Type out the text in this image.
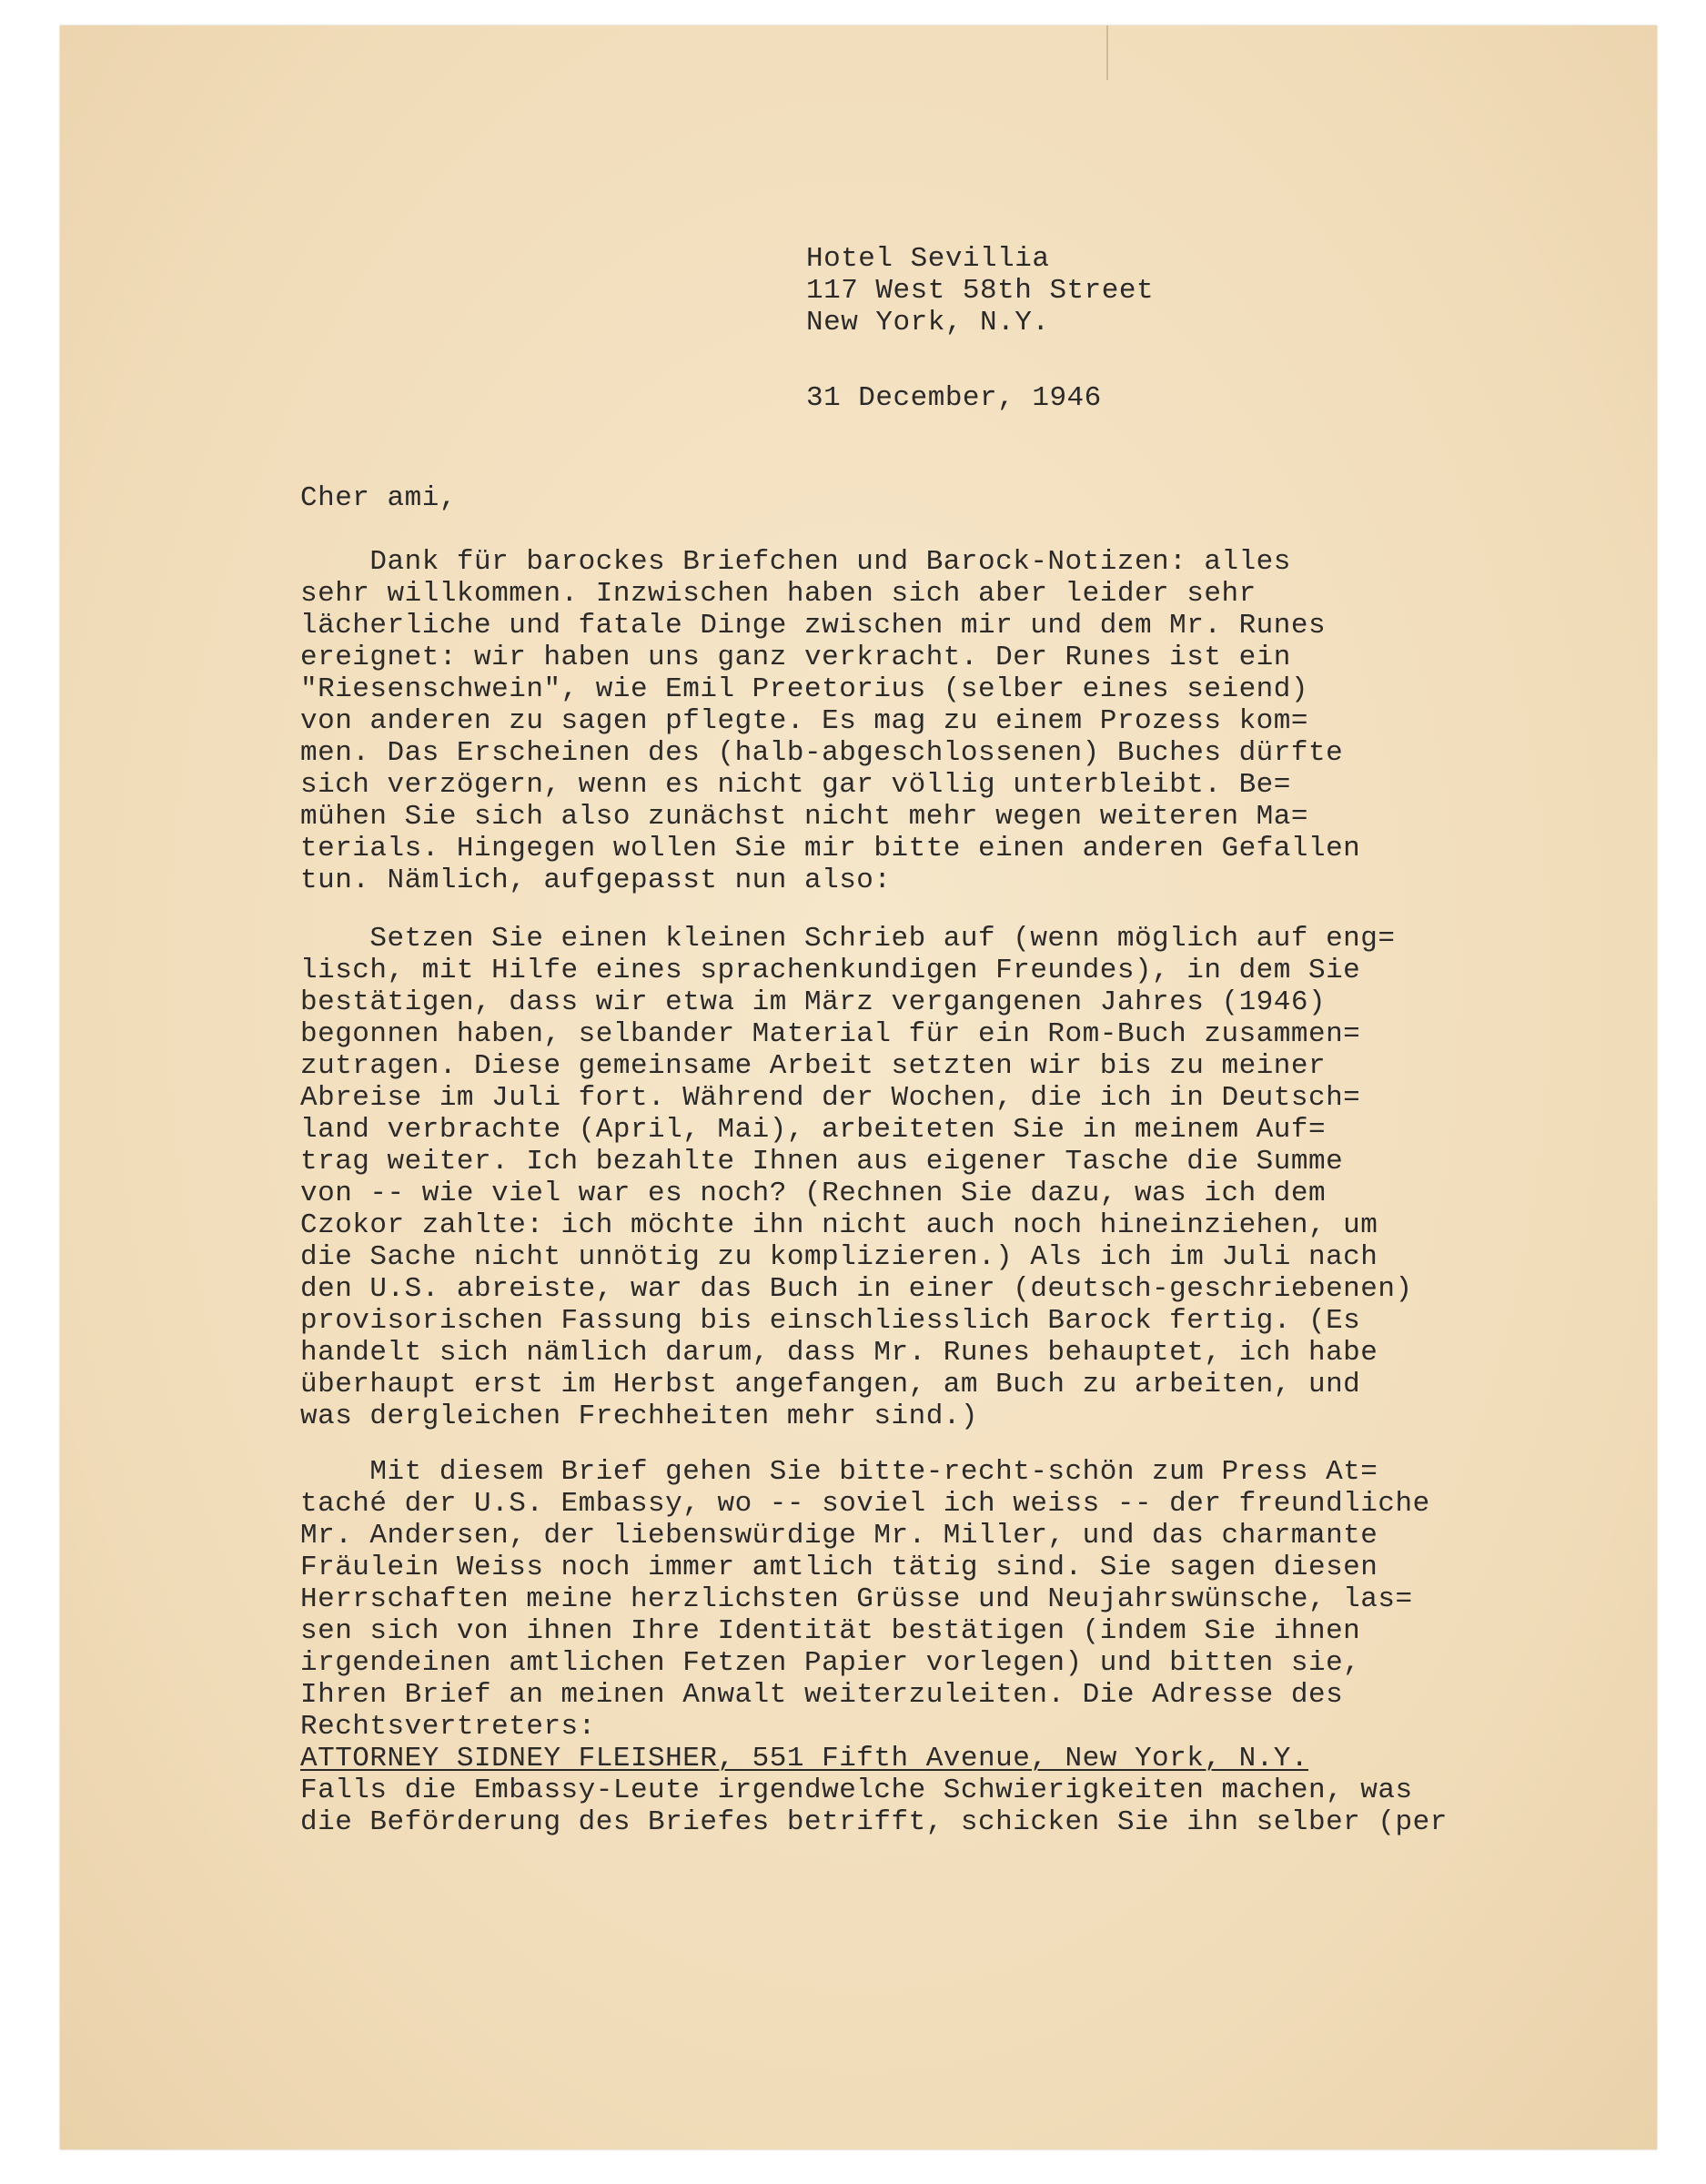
Hotel Sevillia
117 West 58th Street
New York, N.Y.
31 December, 1946
Cher ami,
Dank für barockes Briefchen und Barock-Notizen: alles
sehr willkommen. Inzwischen haben sich aber leider sehr
lächerliche und fatale Dinge zwischen mir und dem Mr. Runes
ereignet: wir haben uns ganz verkracht. Der Runes ist ein
"Riesenschwein", wie Emil Preetorius (selber eines seiend)
von anderen zu sagen pflegte. Es mag zu einem Prozess kom=
men. Das Erscheinen des (halb-abgeschlossenen) Buches dürfte
sich verzögern, wenn es nicht gar völlig unterbleibt. Be=
mühen Sie sich also zunächst nicht mehr wegen weiteren Ma=
terials. Hingegen wollen Sie mir bitte einen anderen Gefallen
tun. Nämlich, aufgepasst nun also:
Setzen Sie einen kleinen Schrieb auf (wenn möglich auf eng=
lisch, mit Hilfe eines sprachenkundigen Freundes), in dem Sie
bestätigen, dass wir etwa im März vergangenen Jahres (1946)
begonnen haben, selbander Material für ein Rom-Buch zusammen=
zutragen. Diese gemeinsame Arbeit setzten wir bis zu meiner
Abreise im Juli fort. Während der Wochen, die ich in Deutsch=
land verbrachte (April, Mai), arbeiteten Sie in meinem Auf=
trag weiter. Ich bezahlte Ihnen aus eigener Tasche die Summe
von -- wie viel war es noch? (Rechnen Sie dazu, was ich dem
Czokor zahlte: ich möchte ihn nicht auch noch hineinziehen, um
die Sache nicht unnötig zu komplizieren.) Als ich im Juli nach
den U.S. abreiste, war das Buch in einer (deutsch-geschriebenen)
provisorischen Fassung bis einschliesslich Barock fertig. (Es
handelt sich nämlich darum, dass Mr. Runes behauptet, ich habe
überhaupt erst im Herbst angefangen, am Buch zu arbeiten, und
was dergleichen Frechheiten mehr sind.)
Mit diesem Brief gehen Sie bitte-recht-schön zum Press At=
taché der U.S. Embassy, wo -- soviel ich weiss -- der freundliche
Mr. Andersen, der liebenswürdige Mr. Miller, und das charmante
Fräulein Weiss noch immer amtlich tätig sind. Sie sagen diesen
Herrschaften meine herzlichsten Grüsse und Neujahrswünsche, las=
sen sich von ihnen Ihre Identität bestätigen (indem Sie ihnen
irgendeinen amtlichen Fetzen Papier vorlegen) und bitten sie,
Ihren Brief an meinen Anwalt weiterzuleiten. Die Adresse des
Rechtsvertreters:

ATTORNEY SIDNEY FLEISHER, 551 Fifth Avenue, New York, N.Y.
Falls die Embassy-Leute irgendwelche Schwierigkeiten machen, was
die Beförderung des Briefes betrifft, schicken Sie ihn selber (per
